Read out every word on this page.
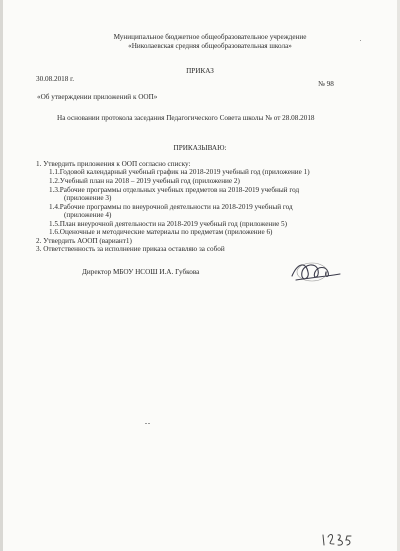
Муниципальное бюджетное общеобразовательное учреждение
«Николаевская средняя общеобразовательная школа»
ПРИКАЗ
30.08.2018 г.
№ 98
«Об утверждении приложений к ООП»
На основании протокола заседания Педагогического Совета школы № от 28.08.2018
ПРИКАЗЫВАЮ:
1. Утвердить приложения к ООП согласно списку:
1.1.Годовой календарный учебный график на 2018-2019 учебный год (приложение 1)
1.2.Учебный план на 2018 – 2019 учебный год (приложение 2)
1.3.Рабочие программы отдельных учебных предметов на 2018-2019 учебный год
(приложение 3)
1.4.Рабочие программы по внеурочной деятельности на 2018-2019 учебный год
(приложение 4)
1.5.План внеурочной деятельности на 2018-2019 учебный год (приложение 5)
1.6.Оценочные и методические материалы по предметам (приложение 6)
2. Утвердить АООП (вариант1)
3. Ответственность за исполнение приказа оставляю за собой
Директор МБОУ НСОШ И.А. Губкова
